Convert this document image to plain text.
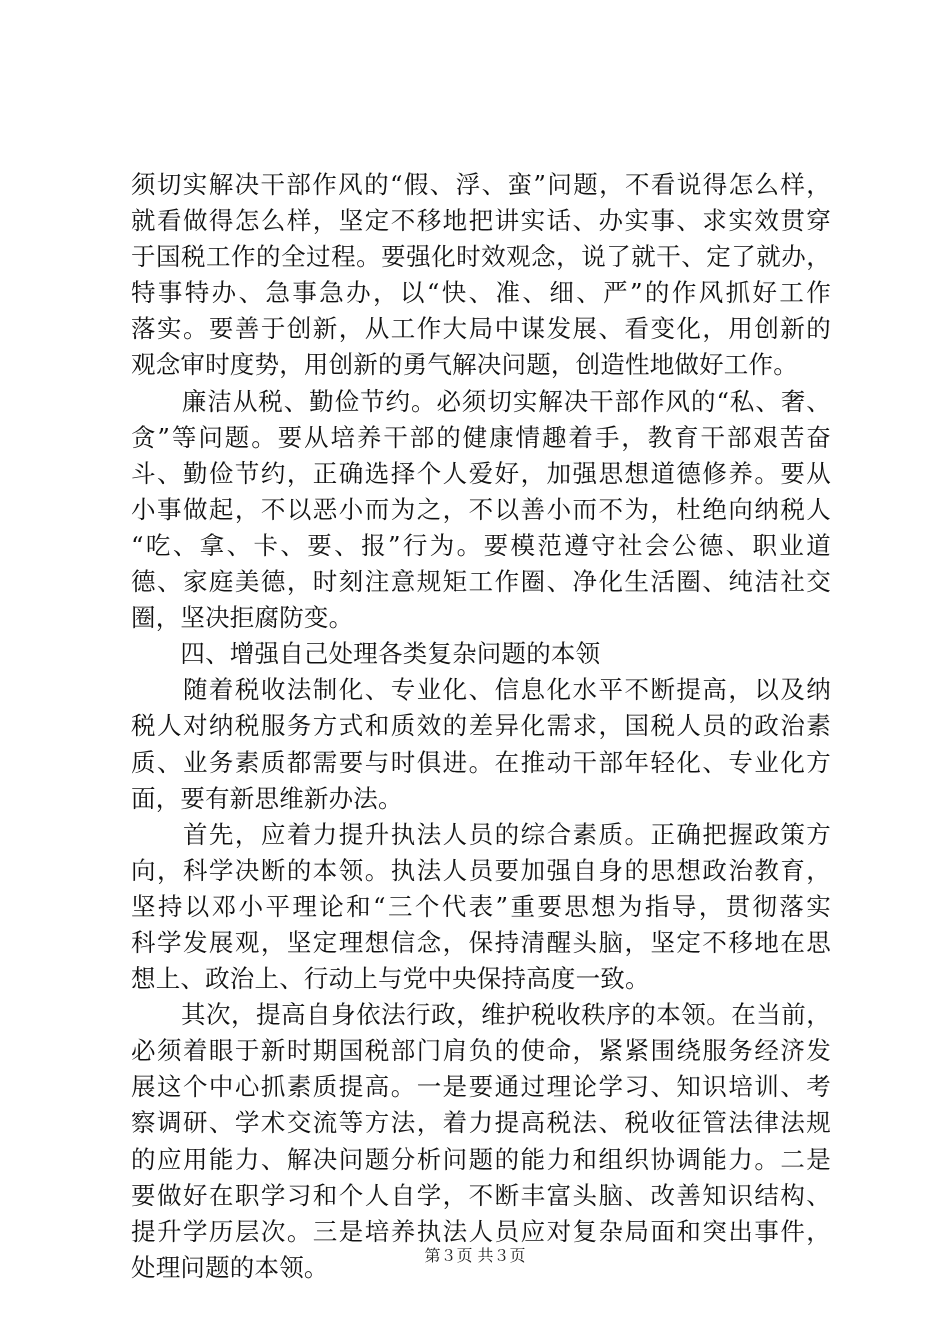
须切实解决干部作风的“假、浮、蛮”问题，不看说得怎么样，
就看做得怎么样，坚定不移地把讲实话、办实事、求实效贯穿
于国税工作的全过程。要强化时效观念，说了就干、定了就办，
特事特办、急事急办，以“快、准、细、严”的作风抓好工作
落实。要善于创新，从工作大局中谋发展、看变化，用创新的
观念审时度势，用创新的勇气解决问题，创造性地做好工作。
　　廉洁从税、勤俭节约。必须切实解决干部作风的“私、奢、
贪”等问题。要从培养干部的健康情趣着手，教育干部艰苦奋
斗、勤俭节约，正确选择个人爱好，加强思想道德修养。要从
小事做起，不以恶小而为之，不以善小而不为，杜绝向纳税人
“吃、拿、卡、要、报”行为。要模范遵守社会公德、职业道
德、家庭美德，时刻注意规矩工作圈、净化生活圈、纯洁社交
圈，坚决拒腐防变。
　　四、增强自己处理各类复杂问题的本领
　　随着税收法制化、专业化、信息化水平不断提高，以及纳
税人对纳税服务方式和质效的差异化需求，国税人员的政治素
质、业务素质都需要与时俱进。在推动干部年轻化、专业化方
面，要有新思维新办法。
　　首先，应着力提升执法人员的综合素质。正确把握政策方
向，科学决断的本领。执法人员要加强自身的思想政治教育，
坚持以邓小平理论和“三个代表”重要思想为指导，贯彻落实
科学发展观，坚定理想信念，保持清醒头脑，坚定不移地在思
想上、政治上、行动上与党中央保持高度一致。
　　其次，提高自身依法行政，维护税收秩序的本领。在当前，
必须着眼于新时期国税部门肩负的使命，紧紧围绕服务经济发
展这个中心抓素质提高。一是要通过理论学习、知识培训、考
察调研、学术交流等方法，着力提高税法、税收征管法律法规
的应用能力、解决问题分析问题的能力和组织协调能力。二是
要做好在职学习和个人自学，不断丰富头脑、改善知识结构、
提升学历层次。三是培养执法人员应对复杂局面和突出事件，
处理问题的本领。	第３页 共３页
